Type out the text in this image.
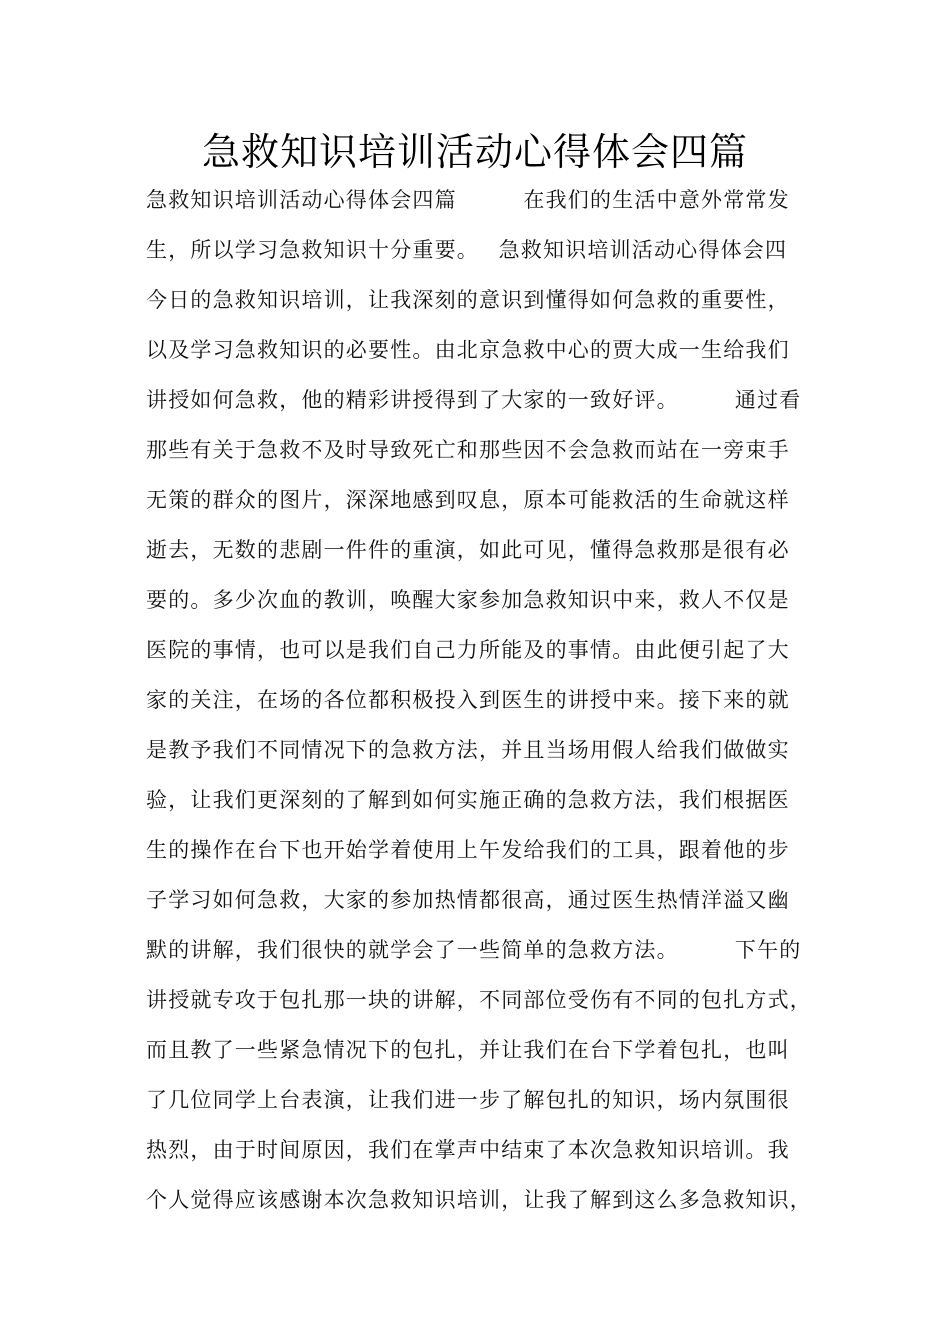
急救知识培训活动心得体会四篇
急救知识培训活动心得体会四篇　　　在我们的生活中意外常常发
生，所以学习急救知识十分重要。　 急救知识培训活动心得体会四
今日的急救知识培训，让我深刻的意识到懂得如何急救的重要性，
以及学习急救知识的必要性。由北京急救中心的贾大成一生给我们
讲授如何急救，他的精彩讲授得到了大家的一致好评。　　　通过看
那些有关于急救不及时导致死亡和那些因不会急救而站在一旁束手
无策的群众的图片，深深地感到叹息，原本可能救活的生命就这样
逝去，无数的悲剧一件件的重演，如此可见，懂得急救那是很有必
要的。多少次血的教训，唤醒大家参加急救知识中来，救人不仅是
医院的事情，也可以是我们自己力所能及的事情。由此便引起了大
家的关注，在场的各位都积极投入到医生的讲授中来。接下来的就
是教予我们不同情况下的急救方法，并且当场用假人给我们做做实
验，让我们更深刻的了解到如何实施正确的急救方法，我们根据医
生的操作在台下也开始学着使用上午发给我们的工具，跟着他的步
子学习如何急救，大家的参加热情都很高，通过医生热情洋溢又幽
默的讲解，我们很快的就学会了一些简单的急救方法。　　　下午的
讲授就专攻于包扎那一块的讲解，不同部位受伤有不同的包扎方式，
而且教了一些紧急情况下的包扎，并让我们在台下学着包扎，也叫
了几位同学上台表演，让我们进一步了解包扎的知识，场内氛围很
热烈，由于时间原因，我们在掌声中结束了本次急救知识培训。我
个人觉得应该感谢本次急救知识培训，让我了解到这么多急救知识，
